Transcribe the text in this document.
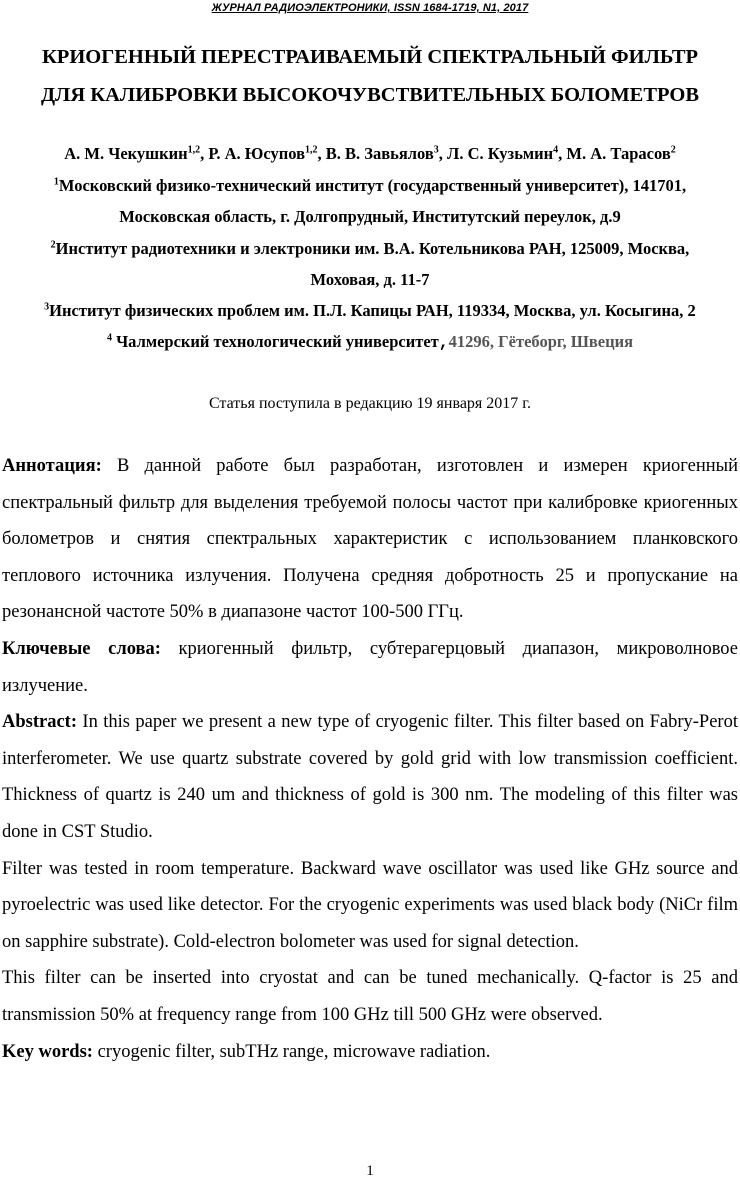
ЖУРНАЛ РАДИОЭЛЕКТРОНИКИ, ISSN 1684-1719, N1, 2017
КРИОГЕННЫЙ ПЕРЕСТРАИВАЕМЫЙ СПЕКТРАЛЬНЫЙ ФИЛЬТР
ДЛЯ КАЛИБРОВКИ ВЫСОКОЧУВСТВИТЕЛЬНЫХ БОЛОМЕТРОВ
А. М. Чекушкин$^{1,2}$, Р. А. Юсупов$^{1,2}$, В. В. Завьялов$^3$, Л. С. Кузьмин$^4$, М. А. Тарасов$^2$
$^1$Московский физико-технический институт (государственный университет), 141701,
Московская область, г. Долгопрудный, Институтский переулок, д.9
$^2$Институт радиотехники и электроники им. В.А. Котельникова РАН, 125009, Москва,
Моховая, д. 11-7
$^3$Институт физических проблем им. П.Л. Капицы РАН, 119334, Москва, ул. Косыгина, 2
$^4$ Чалмерский технологический университет,41296, Гётеборг, Швеция
Статья поступила в редакцию 19 января 2017 г.

Аннотация: В данной работе был разработан, изготовлен и измерен криогенный спектральный фильтр для выделения требуемой полосы частот при калибровке криогенных болометров и снятия спектральных характеристик с использованием планковского теплового источника излучения. Получена средняя добротность 25 и пропускание на резонансной частоте 50% в диапазоне частот 100-500 ГГц.

Ключевые слова: криогенный фильтр, субтерагерцовый диапазон, микроволновое излучение.

Abstract: In this paper we present a new type of cryogenic filter. This filter based on Fabry-Perot interferometer. We use quartz substrate covered by gold grid with low transmission coefficient. Thickness of quartz is 240 um and thickness of gold is 300 nm. The modeling of this filter was done in CST Studio.

Filter was tested in room temperature. Backward wave oscillator was used like GHz source and pyroelectric was used like detector. For the cryogenic experiments was used black body (NiCr film on sapphire substrate). Cold-electron bolometer was used for signal detection.

This filter can be inserted into cryostat and can be tuned mechanically. Q-factor is 25 and transmission 50% at frequency range from 100 GHz till 500 GHz were observed.

Key words: cryogenic filter, subTHz range, microwave radiation.

1
